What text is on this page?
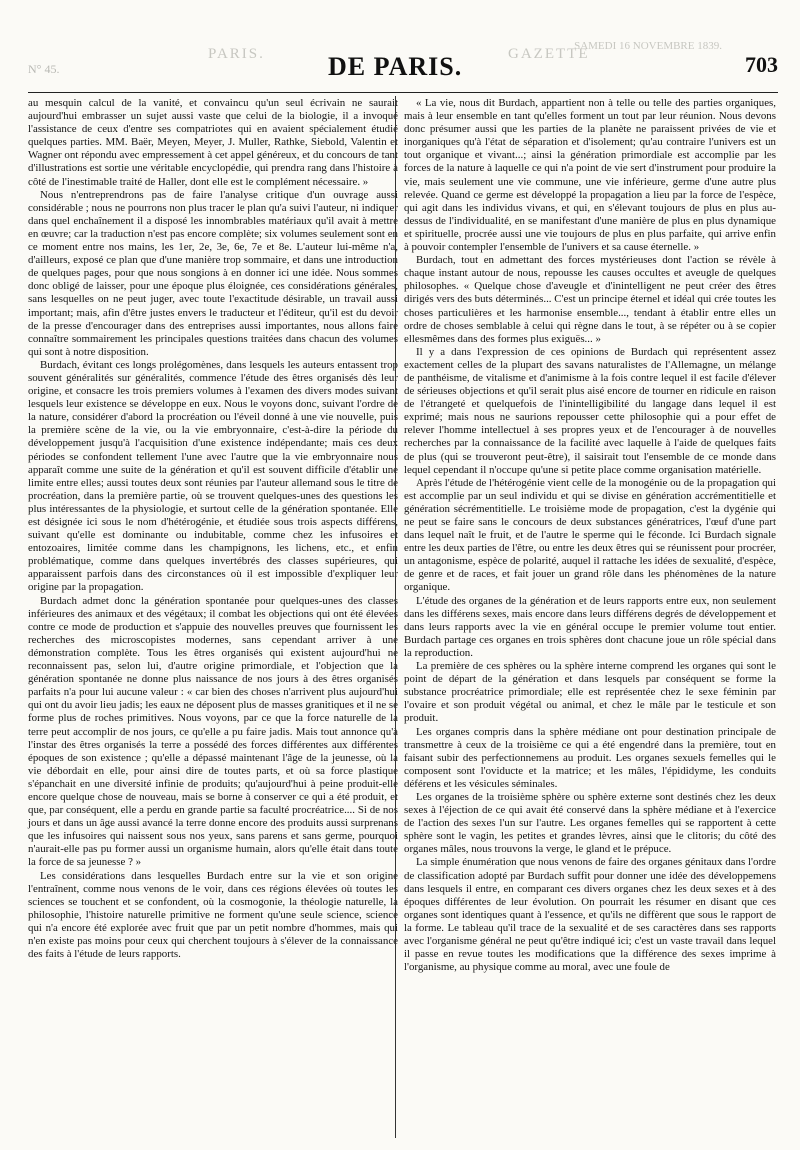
N° 45.
GAZETTE
PARIS. DE PARIS.
SAMEDI 16 NOVEMBRE 1839.
703

au mesquin calcul de la vanité, et convaincu qu'un seul écrivain ne saurait aujourd'hui embrasser un sujet aussi vaste que celui de la biologie, il a invoqué l'assistance de ceux d'entre ses compatriotes qui en avaient spécialement étudié quelques parties. MM. Baër, Meyen, Meyer, J. Muller, Rathke, Siebold, Valentin et Wagner ont répondu avec empressement à cet appel généreux, et du concours de tant d'illustrations est sortie une véritable encyclopédie, qui prendra rang dans l'histoire à côté de l'inestimable traité de Haller, dont elle est le complément nécessaire. »

Nous n'entreprendrons pas de faire l'analyse critique d'un ouvrage aussi considérable ; nous ne pourrons non plus tracer le plan qu'a suivi l'auteur, ni indiquer dans quel enchaînement il a disposé les innombrables matériaux qu'il avait à mettre en œuvre; car la traduction n'est pas encore complète; six volumes seulement sont en ce moment entre nos mains, les 1er, 2e, 3e, 6e, 7e et 8e. L'auteur lui-même n'a, d'ailleurs, exposé ce plan que d'une manière trop sommaire, et dans une introduction de quelques pages, pour que nous songions à en donner ici une idée. Nous sommes donc obligé de laisser, pour une époque plus éloignée, ces considérations générales, sans lesquelles on ne peut juger, avec toute l'exactitude désirable, un travail aussi important; mais, afin d'être justes envers le traducteur et l'éditeur, qu'il est du devoir de la presse d'encourager dans des entreprises aussi importantes, nous allons faire connaître sommairement les principales questions traitées dans chacun des volumes qui sont à notre disposition.

Burdach, évitant ces longs prolégomènes, dans lesquels les auteurs entassent trop souvent généralités sur généralités, commence l'étude des êtres organisés dès leur origine, et consacre les trois premiers volumes à l'examen des divers modes suivant lesquels leur existence se développe en eux. Nous le voyons donc, suivant l'ordre de la nature, considérer d'abord la procréation ou l'éveil donné à une vie nouvelle, puis la première scène de la vie, ou la vie embryonnaire, c'est-à-dire la période du développement jusqu'à l'acquisition d'une existence indépendante; mais ces deux périodes se confondent tellement l'une avec l'autre que la vie embryonnaire nous apparaît comme une suite de la génération et qu'il est souvent difficile d'établir une limite entre elles; aussi toutes deux sont réunies par l'auteur allemand sous le titre de procréation, dans la première partie, où se trouvent quelques-unes des questions les plus intéressantes de la physiologie, et surtout celle de la génération spontanée. Elle est désignée ici sous le nom d'hétérogénie, et étudiée sous trois aspects différens, suivant qu'elle est dominante ou indubitable, comme chez les infusoires et entozoaires, limitée comme dans les champignons, les lichens, etc., et enfin problématique, comme dans quelques invertébrés des classes supérieures, qui apparaissent parfois dans des circonstances où il est impossible d'expliquer leur origine par la propagation.

Burdach admet donc la génération spontanée pour quelques-unes des classes inférieures des animaux et des végétaux; il combat les objections qui ont été élevées contre ce mode de production et s'appuie des nouvelles preuves que fournissent les recherches des microscopistes modernes, sans cependant arriver à une démonstration complète. Tous les êtres organisés qui existent aujourd'hui ne reconnaissent pas, selon lui, d'autre origine primordiale, et l'objection que la génération spontanée ne donne plus naissance de nos jours à des êtres organisés parfaits n'a pour lui aucune valeur : « car bien des choses n'arrivent plus aujourd'hui qui ont du avoir lieu jadis; les eaux ne déposent plus de masses granitiques et il ne se forme plus de roches primitives. Nous voyons, par ce que la force naturelle de la terre peut accomplir de nos jours, ce qu'elle a pu faire jadis. Mais tout annonce qu'à l'instar des êtres organisés la terre a possédé des forces différentes aux différentes époques de son existence ; qu'elle a dépassé maintenant l'âge de la jeunesse, où la vie débordait en elle, pour ainsi dire de toutes parts, et où sa force plastique s'épanchait en une diversité infinie de produits; qu'aujourd'hui à peine produit-elle encore quelque chose de nouveau, mais se borne à conserver ce qui a été produit, et que, par conséquent, elle a perdu en grande partie sa faculté procréatrice.... Si de nos jours et dans un âge aussi avancé la terre donne encore des produits aussi surprenans que les infusoires qui naissent sous nos yeux, sans parens et sans germe, pourquoi n'aurait-elle pas pu former aussi un organisme humain, alors qu'elle était dans toute la force de sa jeunesse ? »

Les considérations dans lesquelles Burdach entre sur la vie et son origine l'entraînent, comme nous venons de le voir, dans ces régions élevées où toutes les sciences se touchent et se confondent, où la cosmogonie, la théologie naturelle, la philosophie, l'histoire naturelle primitive ne forment qu'une seule science, science qui n'a encore été explorée avec fruit que par un petit nombre d'hommes, mais qui n'en existe pas moins pour ceux qui cherchent toujours à s'élever de la connaissance des faits à l'étude de leurs rapports.

« La vie, nous dit Burdach, appartient non à telle ou telle des parties organiques, mais à leur ensemble en tant qu'elles forment un tout par leur réunion. Nous devons donc présumer aussi que les parties de la planète ne paraissent privées de vie et inorganiques qu'à l'état de séparation et d'isolement; qu'au contraire l'univers est un tout organique et vivant...; ainsi la génération primordiale est accomplie par les forces de la nature à laquelle ce qui n'a point de vie sert d'instrument pour produire la vie, mais seulement une vie commune, une vie inférieure, germe d'une autre plus relevée. Quand ce germe est développé la propagation a lieu par la force de l'espèce, qui agit dans les individus vivans, et qui, en s'élevant toujours de plus en plus au-dessus de l'individualité, en se manifestant d'une manière de plus en plus dynamique et spirituelle, procrée aussi une vie toujours de plus en plus parfaite, qui arrive enfin à pouvoir contempler l'ensemble de l'univers et sa cause éternelle. »

Burdach, tout en admettant des forces mystérieuses dont l'action se révèle à chaque instant autour de nous, repousse les causes occultes et aveugle de quelques philosophes. « Quelque chose d'aveugle et d'inintelligent ne peut créer des êtres dirigés vers des buts déterminés... C'est un principe éternel et idéal qui crée toutes les choses particulières et les harmonise ensemble..., tendant à établir entre elles un ordre de choses semblable à celui qui règne dans le tout, à se répéter ou à se copier ellesmêmes dans des formes plus exiguës... »

Il y a dans l'expression de ces opinions de Burdach qui représentent assez exactement celles de la plupart des savans naturalistes de l'Allemagne, un mélange de panthéisme, de vitalisme et d'animisme à la fois contre lequel il est facile d'élever de sérieuses objections et qu'il serait plus aisé encore de tourner en ridicule en raison de l'étrangeté et quelquefois de l'inintelligibilité du langage dans lequel il est exprimé; mais nous ne saurions repousser cette philosophie qui a pour effet de relever l'homme intellectuel à ses propres yeux et de l'encourager à de nouvelles recherches par la connaissance de la facilité avec laquelle à l'aide de quelques faits de plus (qui se trouveront peut-être), il saisirait tout l'ensemble de ce monde dans lequel cependant il n'occupe qu'une si petite place comme organisation matérielle.

Après l'étude de l'hétérogénie vient celle de la monogénie ou de la propagation qui est accomplie par un seul individu et qui se divise en génération accrémentitielle et génération sécrémentitielle. Le troisième mode de propagation, c'est la dygénie qui ne peut se faire sans le concours de deux substances génératrices, l'œuf d'une part dans lequel naît le fruit, et de l'autre le sperme qui le féconde. Ici Burdach signale entre les deux parties de l'être, ou entre les deux êtres qui se réunissent pour procréer, un antagonisme, espèce de polarité, auquel il rattache les idées de sexualité, d'espèce, de genre et de races, et fait jouer un grand rôle dans les phénomènes de la nature organique.

L'étude des organes de la génération et de leurs rapports entre eux, non seulement dans les différens sexes, mais encore dans leurs différens degrés de développement et dans leurs rapports avec la vie en général occupe le premier volume tout entier. Burdach partage ces organes en trois sphères dont chacune joue un rôle spécial dans la reproduction.

La première de ces sphères ou la sphère interne comprend les organes qui sont le point de départ de la génération et dans lesquels par conséquent se forme la substance procréatrice primordiale; elle est représentée chez le sexe féminin par l'ovaire et son produit végétal ou animal, et chez le mâle par le testicule et son produit.

Les organes compris dans la sphère médiane ont pour destination principale de transmettre à ceux de la troisième ce qui a été engendré dans la première, tout en faisant subir des perfectionnemens au produit. Les organes sexuels femelles qui le composent sont l'oviducte et la matrice; et les mâles, l'épididyme, les conduits déférens et les vésicules séminales.

Les organes de la troisième sphère ou sphère externe sont destinés chez les deux sexes à l'éjection de ce qui avait été conservé dans la sphère médiane et à l'exercice de l'action des sexes l'un sur l'autre. Les organes femelles qui se rapportent à cette sphère sont le vagin, les petites et grandes lèvres, ainsi que le clitoris; du côté des organes mâles, nous trouvons la verge, le gland et le prépuce.

La simple énumération que nous venons de faire des organes génitaux dans l'ordre de classification adopté par Burdach suffit pour donner une idée des développemens dans lesquels il entre, en comparant ces divers organes chez les deux sexes et à des époques différentes de leur évolution. On pourrait les résumer en disant que ces organes sont identiques quant à l'essence, et qu'ils ne diffèrent que sous le rapport de la forme. Le tableau qu'il trace de la sexualité et de ses caractères dans ses rapports avec l'organisme général ne peut qu'être indiqué ici; c'est un vaste travail dans lequel il passe en revue toutes les modifications que la différence des sexes imprime à l'organisme, au physique comme au moral, avec une foule de
